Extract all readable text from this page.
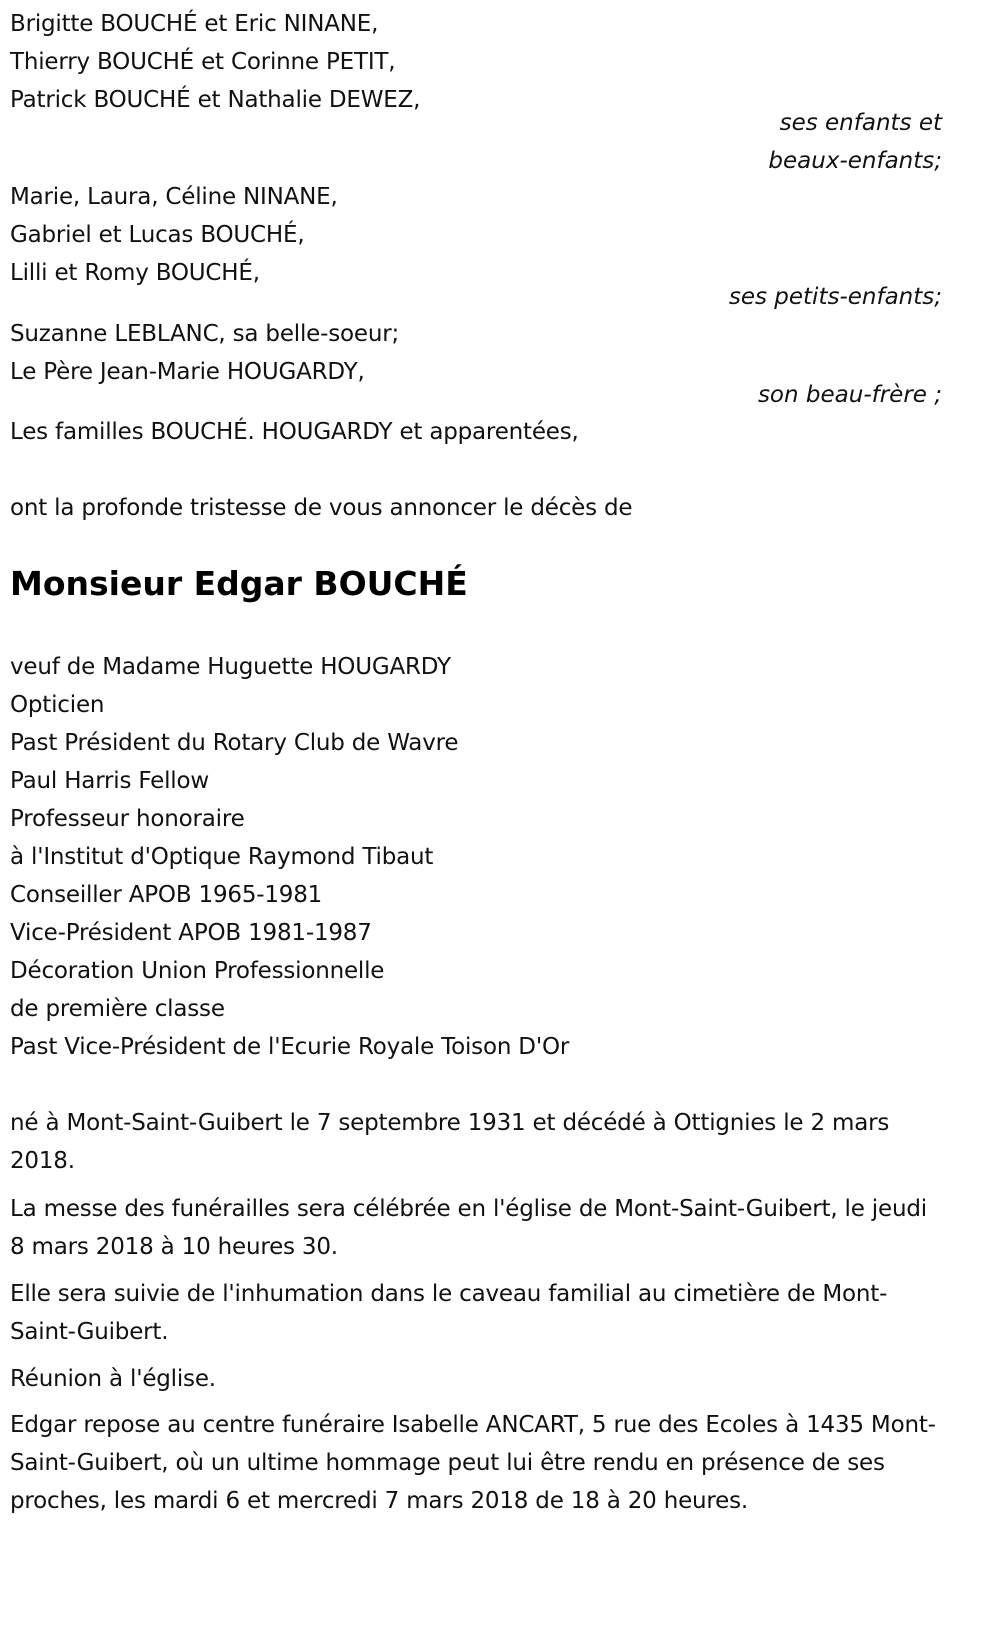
Brigitte BOUCHÉ et Eric NINANE,
Thierry BOUCHÉ et Corinne PETIT,
Patrick BOUCHÉ et Nathalie DEWEZ,
ses enfants et
beaux-enfants;
Marie, Laura, Céline NINANE,
Gabriel et Lucas BOUCHÉ,
Lilli et Romy BOUCHÉ,
ses petits-enfants;
Suzanne LEBLANC, sa belle-soeur;
Le Père Jean-Marie HOUGARDY,
son beau-frère ;
Les familles BOUCHÉ. HOUGARDY et apparentées,
ont la profonde tristesse de vous annoncer le décès de
Monsieur Edgar BOUCHÉ
veuf de Madame Huguette HOUGARDY
Opticien
Past Président du Rotary Club de Wavre
Paul Harris Fellow
Professeur honoraire
à l'Institut d'Optique Raymond Tibaut
Conseiller APOB 1965-1981
Vice-Président APOB 1981-1987
Décoration Union Professionnelle
de première classe
Past Vice-Président de l'Ecurie Royale Toison D'Or
né à Mont-Saint-Guibert le 7 septembre 1931 et décédé à Ottignies le 2 mars 2018.
La messe des funérailles sera célébrée en l'église de Mont-Saint-Guibert, le jeudi 8 mars 2018 à 10 heures 30.
Elle sera suivie de l'inhumation dans le caveau familial au cimetière de Mont-Saint-Guibert.
Réunion à l'église.
Edgar repose au centre funéraire Isabelle ANCART, 5 rue des Ecoles à 1435 Mont-Saint-Guibert, où un ultime hommage peut lui être rendu en présence de ses proches, les mardi 6 et mercredi 7 mars 2018 de 18 à 20 heures.
